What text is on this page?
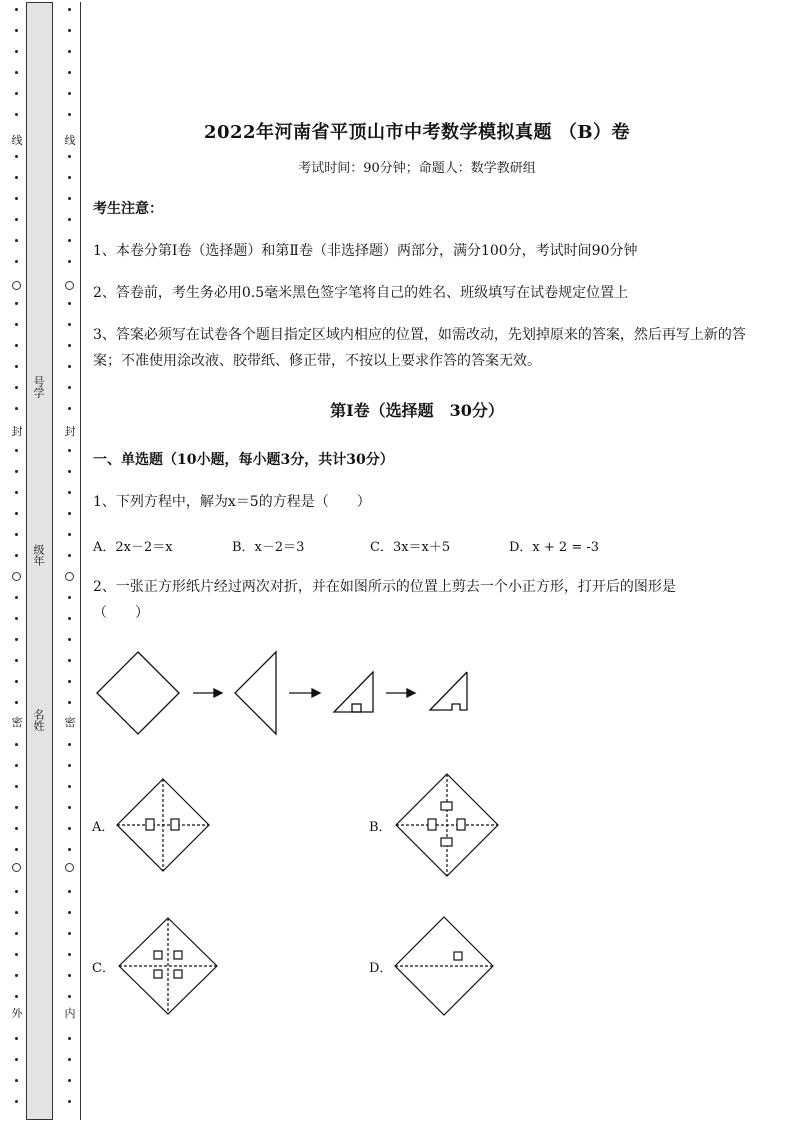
线
封
密
外
线
封
密
内
号学
级年
名姓
2022年河南省平顶山市中考数学模拟真题 （B）卷
考试时间：90分钟；命题人：数学教研组
考生注意：
1、本卷分第Ⅰ卷（选择题）和第Ⅱ卷（非选择题）两部分，满分100分，考试时间90分钟
2、答卷前，考生务必用0.5毫米黑色签字笔将自己的姓名、班级填写在试卷规定位置上
3、答案必须写在试卷各个题目指定区域内相应的位置，如需改动，先划掉原来的答案，然后再写上新的答案；不准使用涂改液、胶带纸、修正带，不按以上要求作答的答案无效。
第Ⅰ卷（选择题　30分）
一、单选题（10小题，每小题3分，共计30分）
1、下列方程中，解为x＝5的方程是（　　）
A．2x－2＝x	B．x－2＝3	C．3x＝x＋5	D．x + 2 = -3
2、一张正方形纸片经过两次对折，并在如图所示的位置上剪去一个小正方形，打开后的图形是（　　）
A．	B．
C．	D．
